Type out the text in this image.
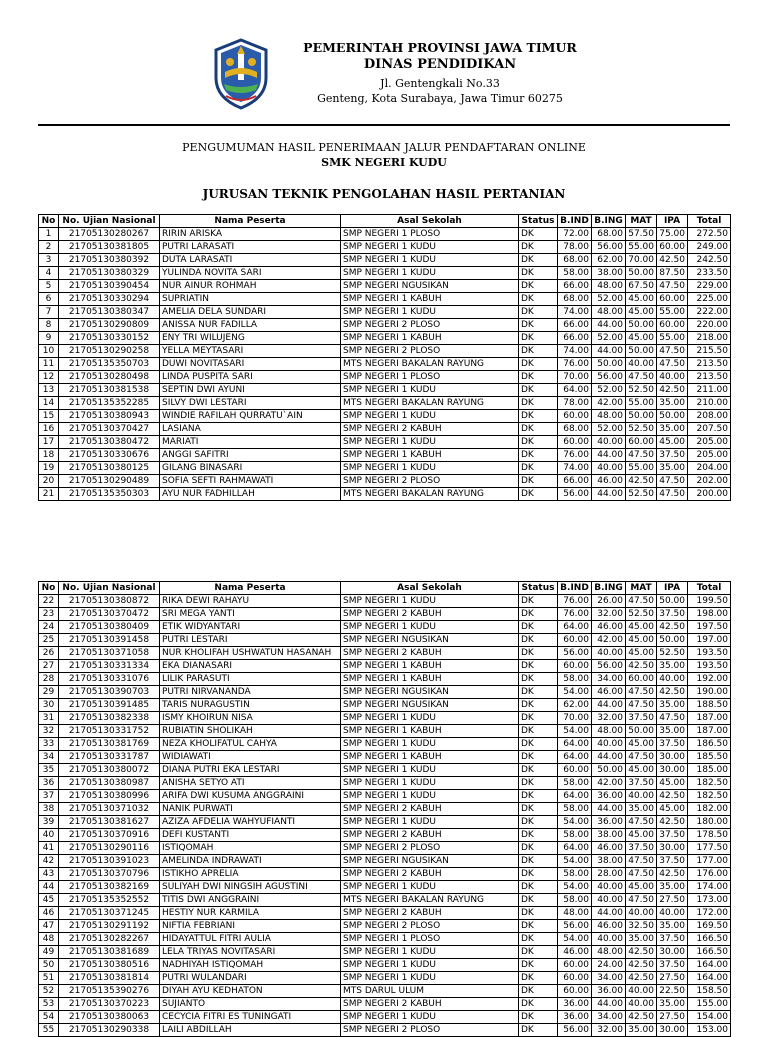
PEMERINTAH PROVINSI JAWA TIMUR
DINAS PENDIDIKAN
Jl. Gentengkali No.33
Genteng, Kota Surabaya, Jawa Timur 60275
PENGUMUMAN HASIL PENERIMAAN JALUR PENDAFTARAN ONLINE
SMK NEGERI KUDU
JURUSAN TEKNIK PENGOLAHAN HASIL PERTANIAN
No	No. Ujian Nasional	Nama Peserta	Asal Sekolah	Status	B.IND	B.ING	MAT	IPA	Total
1	21705130280267	RIRIN ARISKA	SMP NEGERI 1 PLOSO	DK	72.00	68.00	57.50	75.00	272.50
2	21705130381805	PUTRI LARASATI	SMP NEGERI 1 KUDU	DK	78.00	56.00	55.00	60.00	249.00
3	21705130380392	DUTA LARASATI	SMP NEGERI 1 KUDU	DK	68.00	62.00	70.00	42.50	242.50
4	21705130380329	YULINDA NOVITA SARI	SMP NEGERI 1 KUDU	DK	58.00	38.00	50.00	87.50	233.50
5	21705130390454	NUR AINUR ROHMAH	SMP NEGERI NGUSIKAN	DK	66.00	48.00	67.50	47.50	229.00
6	21705130330294	SUPRIATIN	SMP NEGERI 1 KABUH	DK	68.00	52.00	45.00	60.00	225.00
7	21705130380347	AMELIA DELA SUNDARI	SMP NEGERI 1 KUDU	DK	74.00	48.00	45.00	55.00	222.00
8	21705130290809	ANISSA NUR FADILLA	SMP NEGERI 2 PLOSO	DK	66.00	44.00	50.00	60.00	220.00
9	21705130330152	ENY TRI WILUJENG	SMP NEGERI 1 KABUH	DK	66.00	52.00	45.00	55.00	218.00
10	21705130290258	YELLA MEYTASARI	SMP NEGERI 2 PLOSO	DK	74.00	44.00	50.00	47.50	215.50
11	21705135350703	DUWI NOVITASARI	MTS NEGERI BAKALAN RAYUNG	DK	76.00	50.00	40.00	47.50	213.50
12	21705130280498	LINDA PUSPITA SARI	SMP NEGERI 1 PLOSO	DK	70.00	56.00	47.50	40.00	213.50
13	21705130381538	SEPTIN DWI AYUNI	SMP NEGERI 1 KUDU	DK	64.00	52.00	52.50	42.50	211.00
14	21705135352285	SILVY DWI LESTARI	MTS NEGERI BAKALAN RAYUNG	DK	78.00	42.00	55.00	35.00	210.00
15	21705130380943	WINDIE RAFILAH QURRATU`AIN	SMP NEGERI 1 KUDU	DK	60.00	48.00	50.00	50.00	208.00
16	21705130370427	LASIANA	SMP NEGERI 2 KABUH	DK	68.00	52.00	52.50	35.00	207.50
17	21705130380472	MARIATI	SMP NEGERI 1 KUDU	DK	60.00	40.00	60.00	45.00	205.00
18	21705130330676	ANGGI SAFITRI	SMP NEGERI 1 KABUH	DK	76.00	44.00	47.50	37.50	205.00
19	21705130380125	GILANG BINASARI	SMP NEGERI 1 KUDU	DK	74.00	40.00	55.00	35.00	204.00
20	21705130290489	SOFIA SEFTI RAHMAWATI	SMP NEGERI 2 PLOSO	DK	66.00	46.00	42.50	47.50	202.00
21	21705135350303	AYU NUR FADHILLAH	MTS NEGERI BAKALAN RAYUNG	DK	56.00	44.00	52.50	47.50	200.00
No	No. Ujian Nasional	Nama Peserta	Asal Sekolah	Status	B.IND	B.ING	MAT	IPA	Total
22	21705130380872	RIKA DEWI RAHAYU	SMP NEGERI 1 KUDU	DK	76.00	26.00	47.50	50.00	199.50
23	21705130370472	SRI MEGA YANTI	SMP NEGERI 2 KABUH	DK	76.00	32.00	52.50	37.50	198.00
24	21705130380409	ETIK WIDYANTARI	SMP NEGERI 1 KUDU	DK	64.00	46.00	45.00	42.50	197.50
25	21705130391458	PUTRI LESTARI	SMP NEGERI NGUSIKAN	DK	60.00	42.00	45.00	50.00	197.00
26	21705130371058	NUR KHOLIFAH USHWATUN HASANAH	SMP NEGERI 2 KABUH	DK	56.00	40.00	45.00	52.50	193.50
27	21705130331334	EKA DIANASARI	SMP NEGERI 1 KABUH	DK	60.00	56.00	42.50	35.00	193.50
28	21705130331076	LILIK PARASUTI	SMP NEGERI 1 KABUH	DK	58.00	34.00	60.00	40.00	192.00
29	21705130390703	PUTRI NIRVANANDA	SMP NEGERI NGUSIKAN	DK	54.00	46.00	47.50	42.50	190.00
30	21705130391485	TARIS NURAGUSTIN	SMP NEGERI NGUSIKAN	DK	62.00	44.00	47.50	35.00	188.50
31	21705130382338	ISMY KHOIRUN NISA	SMP NEGERI 1 KUDU	DK	70.00	32.00	37.50	47.50	187.00
32	21705130331752	RUBIATIN SHOLIKAH	SMP NEGERI 1 KABUH	DK	54.00	48.00	50.00	35.00	187.00
33	21705130381769	NEZA KHOLIFATUL CAHYA	SMP NEGERI 1 KUDU	DK	64.00	40.00	45.00	37.50	186.50
34	21705130331787	WIDIAWATI	SMP NEGERI 1 KABUH	DK	64.00	44.00	47.50	30.00	185.50
35	21705130380072	DIANA PUTRI EKA LESTARI	SMP NEGERI 1 KUDU	DK	60.00	50.00	45.00	30.00	185.00
36	21705130380987	ANISHA SETYO ATI	SMP NEGERI 1 KUDU	DK	58.00	42.00	37.50	45.00	182.50
37	21705130380996	ARIFA DWI KUSUMA ANGGRAINI	SMP NEGERI 1 KUDU	DK	64.00	36.00	40.00	42.50	182.50
38	21705130371032	NANIK PURWATI	SMP NEGERI 2 KABUH	DK	58.00	44.00	35.00	45.00	182.00
39	21705130381627	AZIZA AFDELIA WAHYUFIANTI	SMP NEGERI 1 KUDU	DK	54.00	36.00	47.50	42.50	180.00
40	21705130370916	DEFI KUSTANTI	SMP NEGERI 2 KABUH	DK	58.00	38.00	45.00	37.50	178.50
41	21705130290116	ISTIQOMAH	SMP NEGERI 2 PLOSO	DK	64.00	46.00	37.50	30.00	177.50
42	21705130391023	AMELINDA INDRAWATI	SMP NEGERI NGUSIKAN	DK	54.00	38.00	47.50	37.50	177.00
43	21705130370796	ISTIKHO APRELIA	SMP NEGERI 2 KABUH	DK	58.00	28.00	47.50	42.50	176.00
44	21705130382169	SULIYAH DWI NINGSIH AGUSTINI	SMP NEGERI 1 KUDU	DK	54.00	40.00	45.00	35.00	174.00
45	21705135352552	TITIS DWI ANGGRAINI	MTS NEGERI BAKALAN RAYUNG	DK	58.00	40.00	47.50	27.50	173.00
46	21705130371245	HESTIY NUR KARMILA	SMP NEGERI 2 KABUH	DK	48.00	44.00	40.00	40.00	172.00
47	21705130291192	NIFTIA FEBRIANI	SMP NEGERI 2 PLOSO	DK	56.00	46.00	32.50	35.00	169.50
48	21705130282267	HIDAYATTUL FITRI AULIA	SMP NEGERI 1 PLOSO	DK	54.00	40.00	35.00	37.50	166.50
49	21705130381689	LELA TRIYAS NOVITASARI	SMP NEGERI 1 KUDU	DK	46.00	48.00	42.50	30.00	166.50
50	21705130380516	NADHIYAH ISTIQOMAH	SMP NEGERI 1 KUDU	DK	60.00	24.00	42.50	37.50	164.00
51	21705130381814	PUTRI WULANDARI	SMP NEGERI 1 KUDU	DK	60.00	34.00	42.50	27.50	164.00
52	21705135390276	DIYAH AYU KEDHATON	MTS DARUL ULUM	DK	60.00	36.00	40.00	22.50	158.50
53	21705130370223	SUJIANTO	SMP NEGERI 2 KABUH	DK	36.00	44.00	40.00	35.00	155.00
54	21705130380063	CECYCIA FITRI ES TUNINGATI	SMP NEGERI 1 KUDU	DK	36.00	34.00	42.50	27.50	154.00
55	21705130290338	LAILI ABDILLAH	SMP NEGERI 2 PLOSO	DK	56.00	32.00	35.00	30.00	153.00
